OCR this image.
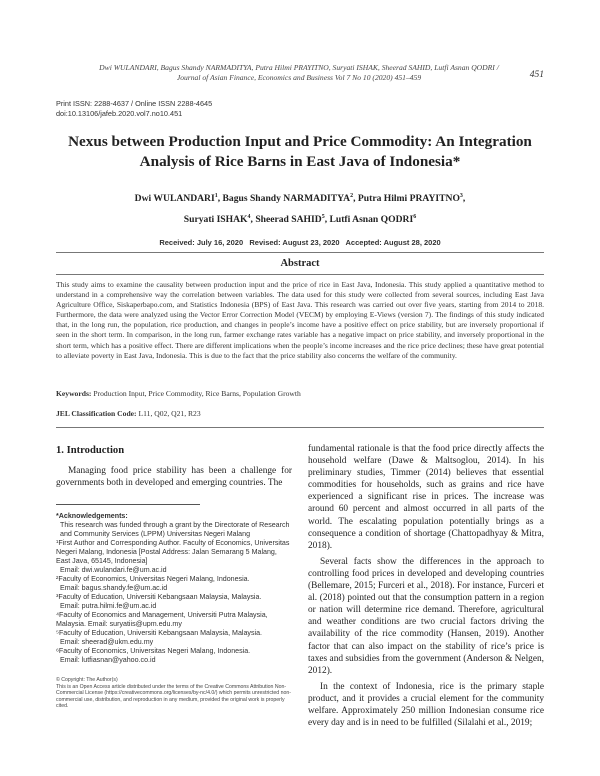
Dwi WULANDARI, Bagus Shandy NARMADITYA, Putra Hilmi PRAYITNO, Suryati ISHAK, Sheerad SAHID, Lutfi Asnan QODRI /
Journal of Asian Finance, Economics and Business Vol 7 No 10 (2020) 451–459	451
Print ISSN: 2288-4637 / Online ISSN 2288-4645
doi:10.13106/jafeb.2020.vol7.no10.451
Nexus between Production Input and Price Commodity: An Integration
Analysis of Rice Barns in East Java of Indonesia*
Dwi WULANDARI$^1$, Bagus Shandy NARMADITYA$^2$, Putra Hilmi PRAYITNO$^3$,
Suryati ISHAK$^4$, Sheerad SAHID$^5$, Lutfi Asnan QODRI$^6$
Received: July 16, 2020   Revised: August 23, 2020   Accepted: August 28, 2020
Abstract
This study aims to examine the causality between production input and the price of rice in East Java, Indonesia. This study applied a quantitative method to understand in a comprehensive way the correlation between variables. The data used for this study were collected from several sources, including East Java Agriculture Office, Siskaperbapo.com, and Statistics Indonesia (BPS) of East Java. This research was carried out over five years, starting from 2014 to 2018. Furthermore, the data were analyzed using the Vector Error Correction Model (VECM) by employing E-Views (version 7). The findings of this study indicated that, in the long run, the population, rice production, and changes in people’s income have a positive effect on price stability, but are inversely proportional if seen in the short term. In comparison, in the long run, farmer exchange rates variable has a negative impact on price stability, and inversely proportional in the short term, which has a positive effect. There are different implications when the people’s income increases and the rice price declines; these have great potential to alleviate poverty in East Java, Indonesia. This is due to the fact that the price stability also concerns the welfare of the community.
Keywords: Production Input, Price Commodity, Rice Barns, Population Growth
JEL Classification Code: L11, Q02, Q21, R23
1. Introduction

Managing food price stability has been a challenge for governments both in developed and emerging countries. The

*Acknowledgements:
This research was funded through a grant by the Directorate of Research and Community Services (LPPM) Universitas Negeri Malang
¹First Author and Corresponding Author. Faculty of Economics, Universitas Negeri Malang, Indonesia [Postal Address: Jalan Semarang 5 Malang, East Java, 65145, Indonesia]
Email: dwi.wulandari.fe@um.ac.id
²Faculty of Economics, Universitas Negeri Malang, Indonesia.
Email: bagus.shandy.fe@um.ac.id
³Faculty of Education, Universiti Kebangsaan Malaysia, Malaysia.
Email: putra.hilmi.fe@um.ac.id
⁴Faculty of Economics and Management, Universiti Putra Malaysia, Malaysia. Email: suryatiis@upm.edu.my
⁵Faculty of Education, Universiti Kebangsaan Malaysia, Malaysia.
Email: sheerad@ukm.edu.my
⁶Faculty of Economics, Universitas Negeri Malang, Indonesia.
Email: lutfiasnan@yahoo.co.id
© Copyright: The Author(s)
This is an Open Access article distributed under the terms of the Creative Commons Attribution Non-Commercial License (https://creativecommons.org/licenses/by-nc/4.0/) which permits unrestricted non-commercial use, distribution, and reproduction in any medium, provided the original work is properly cited.

fundamental rationale is that the food price directly affects the household welfare (Dawe & Maltsoglou, 2014). In his preliminary studies, Timmer (2014) believes that essential commodities for households, such as grains and rice have experienced a significant rise in prices. The increase was around 60 percent and almost occurred in all parts of the world. The escalating population potentially brings as a consequence a condition of shortage (Chattopadhyay & Mitra, 2018).

Several facts show the differences in the approach to controlling food prices in developed and developing countries (Bellemare, 2015; Furceri et al., 2018). For instance, Furceri et al. (2018) pointed out that the consumption pattern in a region or nation will determine rice demand. Therefore, agricultural and weather conditions are two crucial factors driving the availability of the rice commodity (Hansen, 2019). Another factor that can also impact on the stability of rice’s price is taxes and subsidies from the government (Anderson & Nelgen, 2012).

In the context of Indonesia, rice is the primary staple product, and it provides a crucial element for the community welfare. Approximately 250 million Indonesian consume rice every day and is in need to be fulfilled (Silalahi et al., 2019;
